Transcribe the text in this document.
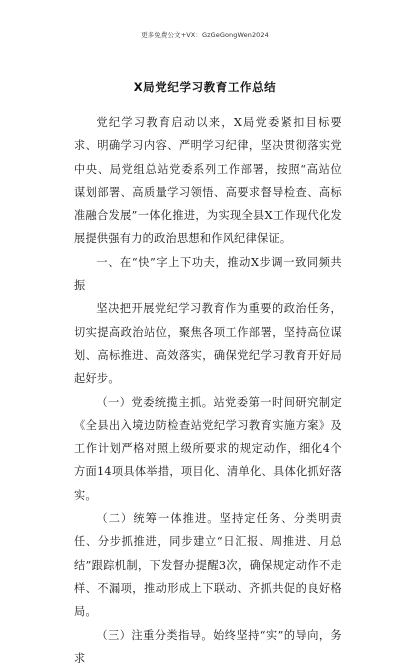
更多免费公文+VX：GzGeGongWen2024
X局党纪学习教育工作总结

党纪学习教育启动以来，X局党委紧扣目标要求、明确学习内容、严明学习纪律，坚决贯彻落实党中央、局党组总站党委系列工作部署，按照“高站位谋划部署、高质量学习领悟、高要求督导检查、高标准融合发展”一体化推进，为实现全县X工作现代化发展提供强有力的政治思想和作风纪律保证。

一、在“快”字上下功夫，推动X步调一致同频共振

坚决把开展党纪学习教育作为重要的政治任务，切实提高政治站位，聚焦各项工作部署，坚持高位谋划、高标推进、高效落实，确保党纪学习教育开好局起好步。

（一）党委统揽主抓。站党委第一时间研究制定《全县出入境边防检查站党纪学习教育实施方案》及工作计划严格对照上级所要求的规定动作，细化4个方面14项具体举措，项目化、清单化、具体化抓好落实。

（二）统筹一体推进。坚持定任务、分类明责任、分步抓推进，同步建立“日汇报、周推进、月总结”跟踪机制，下发督办提醒3次，确保规定动作不走样、不漏项，推动形成上下联动、齐抓共促的良好格局。

（三）注重分类指导。始终坚持“实”的导向，务求
